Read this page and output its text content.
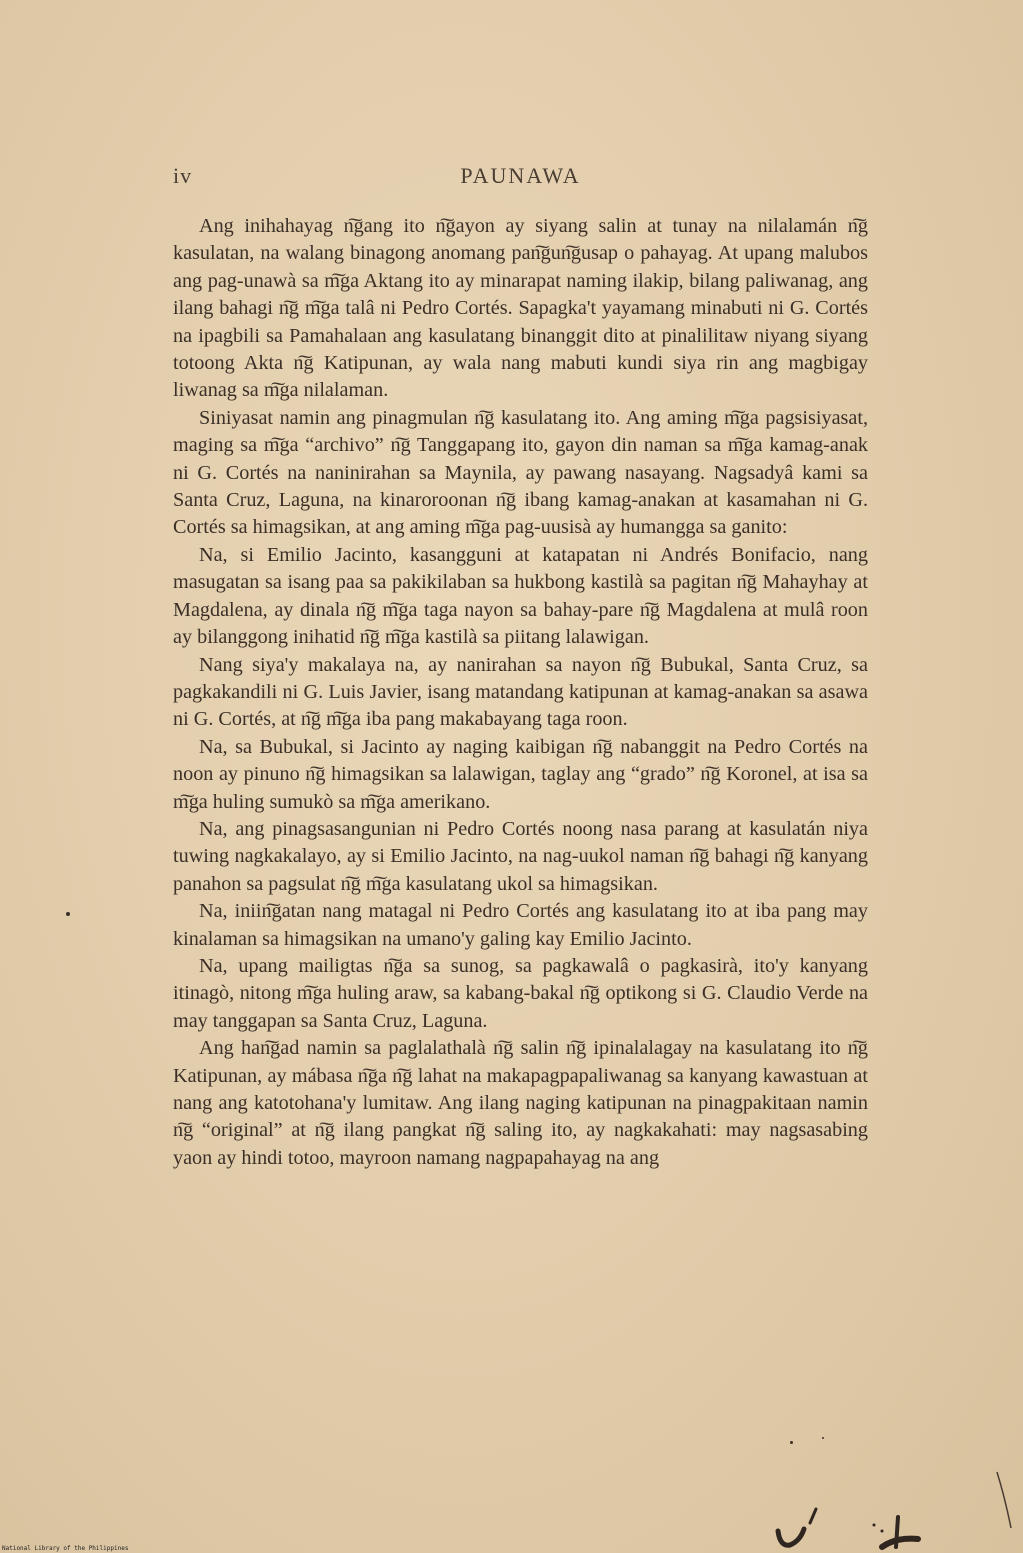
iv	PAUNAWA

Ang inihahayag n͠gang ito n͠gayon ay siyang salin at tunay na nilalamán n͠g kasulatan, na walang binagong anomang pan͠gun͠gusap o pahayag. At upang malubos ang pag-unawà sa m͠ga Aktang ito ay minarapat naming ilakip, bilang paliwanag, ang ilang bahagi n͠g m͠ga talâ ni Pedro Cortés. Sapagka't yayamang minabuti ni G. Cortés na ipagbili sa Pamahalaan ang kasulatang binanggit dito at pinalilitaw niyang siyang totoong Akta n͠g Katipunan, ay wala nang mabuti kundi siya rin ang magbigay liwanag sa m͠ga nilalaman.

Siniyasat namin ang pinagmulan n͠g kasulatang ito. Ang aming m͠ga pagsisiyasat, maging sa m͠ga “archivo” n͠g Tanggapang ito, gayon din naman sa m͠ga kamag-anak ni G. Cortés na naninirahan sa Maynila, ay pawang nasayang. Nagsadyâ kami sa Santa Cruz, Laguna, na kinaroroonan n͠g ibang kamag-anakan at kasamahan ni G. Cortés sa himagsikan, at ang aming m͠ga pag-uusisà ay humangga sa ganito:

Na, si Emilio Jacinto, kasangguni at katapatan ni Andrés Bonifacio, nang masugatan sa isang paa sa pakikilaban sa hukbong kastilà sa pagitan n͠g Mahayhay at Magdalena, ay dinala n͠g m͠ga taga nayon sa bahay-pare n͠g Magdalena at mulâ roon ay bilanggong inihatid n͠g m͠ga kastilà sa piitang lalawigan.

Nang siya'y makalaya na, ay nanirahan sa nayon n͠g Bubukal, Santa Cruz, sa pagkakandili ni G. Luis Javier, isang matandang katipunan at kamag-anakan sa asawa ni G. Cortés, at n͠g m͠ga iba pang makabayang taga roon.

Na, sa Bubukal, si Jacinto ay naging kaibigan n͠g nabanggit na Pedro Cortés na noon ay pinuno n͠g himagsikan sa lalawigan, taglay ang “grado” n͠g Koronel, at isa sa m͠ga huling sumukò sa m͠ga amerikano.

Na, ang pinagsasangunian ni Pedro Cortés noong nasa parang at kasulatán niya tuwing nagkakalayo, ay si Emilio Jacinto, na nag-uukol naman n͠g bahagi n͠g kanyang panahon sa pagsulat n͠g m͠ga kasulatang ukol sa himagsikan.

Na, iniin͠gatan nang matagal ni Pedro Cortés ang kasulatang ito at iba pang may kinalaman sa himagsikan na umano'y galing kay Emilio Jacinto.

Na, upang mailigtas n͠ga sa sunog, sa pagkawalâ o pagkasirà, ito'y kanyang itinagò, nitong m͠ga huling araw, sa kabang-bakal n͠g optikong si G. Claudio Verde na may tanggapan sa Santa Cruz, Laguna.

Ang han͠gad namin sa paglalathalà n͠g salin n͠g ipinalalagay na kasulatang ito n͠g Katipunan, ay mábasa n͠ga n͠g lahat na makapagpapaliwanag sa kanyang kawastuan at nang ang katotohana'y lumitaw. Ang ilang naging katipunan na pinagpakitaan namin n͠g “original” at n͠g ilang pangkat n͠g saling ito, ay nagkakahati: may nagsasabing yaon ay hindi totoo, mayroon namang nagpapahayag na ang

National Library of the Philippines
